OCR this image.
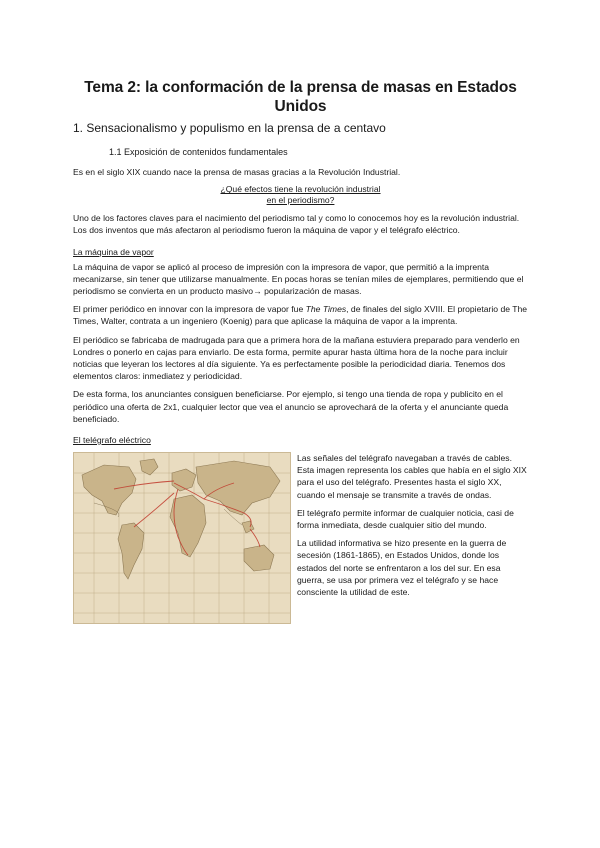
Tema 2: la conformación de la prensa de masas en Estados Unidos
1. Sensacionalismo y populismo en la prensa de a centavo
1.1 Exposición de contenidos fundamentales

Es en el siglo XIX cuando nace la prensa de masas gracias a la Revolución Industrial.

¿Qué efectos tiene la revolución industrial
en el periodismo?

Uno de los factores claves para el nacimiento del periodismo tal y como lo conocemos hoy es la revolución industrial. Los dos inventos que más afectaron al periodismo fueron la máquina de vapor y el telégrafo eléctrico.

La máquina de vapor

La máquina de vapor se aplicó al proceso de impresión con la impresora de vapor, que permitió a la imprenta mecanizarse, sin tener que utilizarse manualmente. En pocas horas se tenían miles de ejemplares, permitiendo que el periodismo se convierta en un producto masivo→ popularización de masas.

El primer periódico en innovar con la impresora de vapor fue The Times, de finales del siglo XVIII. El propietario de The Times, Walter, contrata a un ingeniero (Koenig) para que aplicase la máquina de vapor a la imprenta.

El periódico se fabricaba de madrugada para que a primera hora de la mañana estuviera preparado para venderlo en Londres o ponerlo en cajas para enviarlo. De esta forma, permite apurar hasta última hora de la noche para incluir noticias que leyeran los lectores al día siguiente. Ya es perfectamente posible la periodicidad diaria. Tenemos dos elementos claros: inmediatez y periodicidad.

De esta forma, los anunciantes consiguen beneficiarse. Por ejemplo, si tengo una tienda de ropa y publicito en el periódico una oferta de 2x1, cualquier lector que vea el anuncio se aprovechará de la oferta y el anunciante queda beneficiado.

El telégrafo eléctrico

Las señales del telégrafo navegaban a través de cables. Esta imagen representa los cables que había en el siglo XIX para el uso del telégrafo. Presentes hasta el siglo XX, cuando el mensaje se transmite a través de ondas.

El telégrafo permite informar de cualquier noticia, casi de forma inmediata, desde cualquier sitio del mundo.

La utilidad informativa se hizo presente en la guerra de secesión (1861-1865), en Estados Unidos, donde los estados del norte se enfrentaron a los del sur. En esa guerra, se usa por primera vez el telégrafo y se hace consciente la utilidad de este.
